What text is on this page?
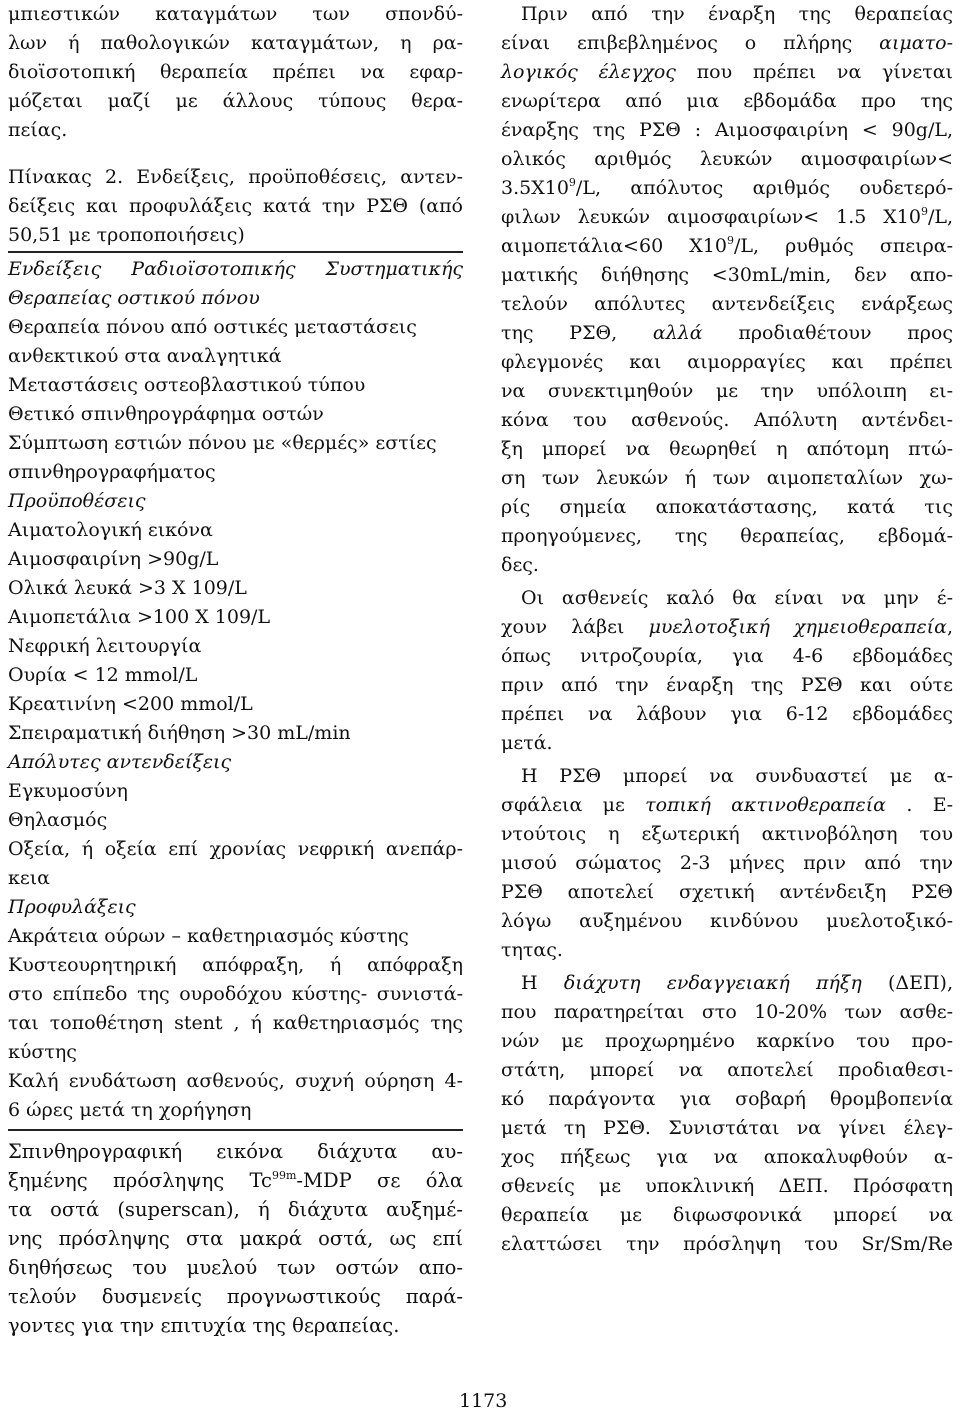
μπιεστικών καταγμάτων των σπονδύ-
λων ή παθολογικών καταγμάτων, η ρα-
διοϊσοτοπική θεραπεία πρέπει να εφαρ-
μόζεται μαζί με άλλους τύπους θερα-
πείας.
Πίνακας 2. Ενδείξεις, προϋποθέσεις, αντεν-
δείξεις και προφυλάξεις κατά την ΡΣΘ (από
50,51 με τροποποιήσεις)
Ενδείξεις Ραδιοϊσοτοπικής Συστηματικής
Θεραπείας οστικού πόνου
Θεραπεία πόνου από οστικές μεταστάσεις
ανθεκτικού στα αναλγητικά
Μεταστάσεις οστεοβλαστικού τύπου
Θετικό σπινθηρογράφημα οστών
Σύμπτωση εστιών πόνου με «θερμές» εστίες
σπινθηρογραφήματος
Προϋποθέσεις
Αιματολογική εικόνα
Αιμοσφαιρίνη >90g/L
Ολικά λευκά >3 X 109/L
Αιμοπετάλια >100 X 109/L
Νεφρική λειτουργία
Ουρία < 12 mmol/L
Κρεατινίνη <200 mmol/L
Σπειραματική διήθηση >30 mL/min
Απόλυτες αντενδείξεις
Εγκυμοσύνη
Θηλασμός
Οξεία, ή οξεία επί χρονίας νεφρική ανεπάρ-
κεια
Προφυλάξεις
Ακράτεια ούρων – καθετηριασμός κύστης
Κυστεουρητηρική απόφραξη, ή απόφραξη
στο επίπεδο της ουροδόχου κύστης- συνιστά-
ται τοποθέτηση stent , ή καθετηριασμός της
κύστης
Καλή ενυδάτωση ασθενούς, συχνή ούρηση 4-
6 ώρες μετά τη χορήγηση
Σπινθηρογραφική εικόνα διάχυτα αυ-
ξημένης πρόσληψης $Tc^{99m}$-MDP σε όλα
τα οστά (superscan), ή διάχυτα αυξημέ-
νης πρόσληψης στα μακρά οστά, ως επί
διηθήσεως του μυελού των οστών απο-
τελούν δυσμενείς προγνωστικούς παρά-
γοντες για την επιτυχία της θεραπείας.
Πριν από την έναρξη της θεραπείας
είναι επιβεβλημένος ο πλήρης αιματο-
λογικός έλεγχος που πρέπει να γίνεται
ενωρίτερα από μια εβδομάδα προ της
έναρξης της ΡΣΘ : Αιμοσφαιρίνη < 90g/L,
ολικός αριθμός λευκών αιμοσφαιρίων<
$3.5X10^9/L$, απόλυτος αριθμός ουδετερό-
φιλων λευκών αιμοσφαιρίων< 1.5 $X10^9/L$,
αιμοπετάλια<60 $X10^9/L$, ρυθμός σπειρα-
ματικής διήθησης <30mL/min, δεν απο-
τελούν απόλυτες αντενδείξεις ενάρξεως
της ΡΣΘ, αλλά προδιαθέτουν προς
φλεγμονές και αιμορραγίες και πρέπει
να συνεκτιμηθούν με την υπόλοιπη ει-
κόνα του ασθενούς. Απόλυτη αντένδει-
ξη μπορεί να θεωρηθεί η απότομη πτώ-
ση των λευκών ή των αιμοπεταλίων χω-
ρίς σημεία αποκατάστασης, κατά τις
προηγούμενες, της θεραπείας, εβδομά-
δες.
Οι ασθενείς καλό θα είναι να μην έ-
χουν λάβει μυελοτοξική χημειοθεραπεία,
όπως νιτροζουρία, για 4-6 εβδομάδες
πριν από την έναρξη της ΡΣΘ και ούτε
πρέπει να λάβουν για 6-12 εβδομάδες
μετά.
Η ΡΣΘ μπορεί να συνδυαστεί με α-
σφάλεια με τοπική ακτινοθεραπεία . Ε-
ντούτοις η εξωτερική ακτινοβόληση του
μισού σώματος 2-3 μήνες πριν από την
ΡΣΘ αποτελεί σχετική αντένδειξη ΡΣΘ
λόγω αυξημένου κινδύνου μυελοτοξικό-
τητας.
Η διάχυτη ενδαγγειακή πήξη (ΔΕΠ),
που παρατηρείται στο 10-20% των ασθε-
νών με προχωρημένο καρκίνο του προ-
στάτη, μπορεί να αποτελεί προδιαθεσι-
κό παράγοντα για σοβαρή θρομβοπενία
μετά τη ΡΣΘ. Συνιστάται να γίνει έλεγ-
χος πήξεως για να αποκαλυφθούν α-
σθενείς με υποκλινική ΔΕΠ. Πρόσφατη
θεραπεία με διφωσφονικά μπορεί να
ελαττώσει την πρόσληψη του Sr/Sm/Re
1173
